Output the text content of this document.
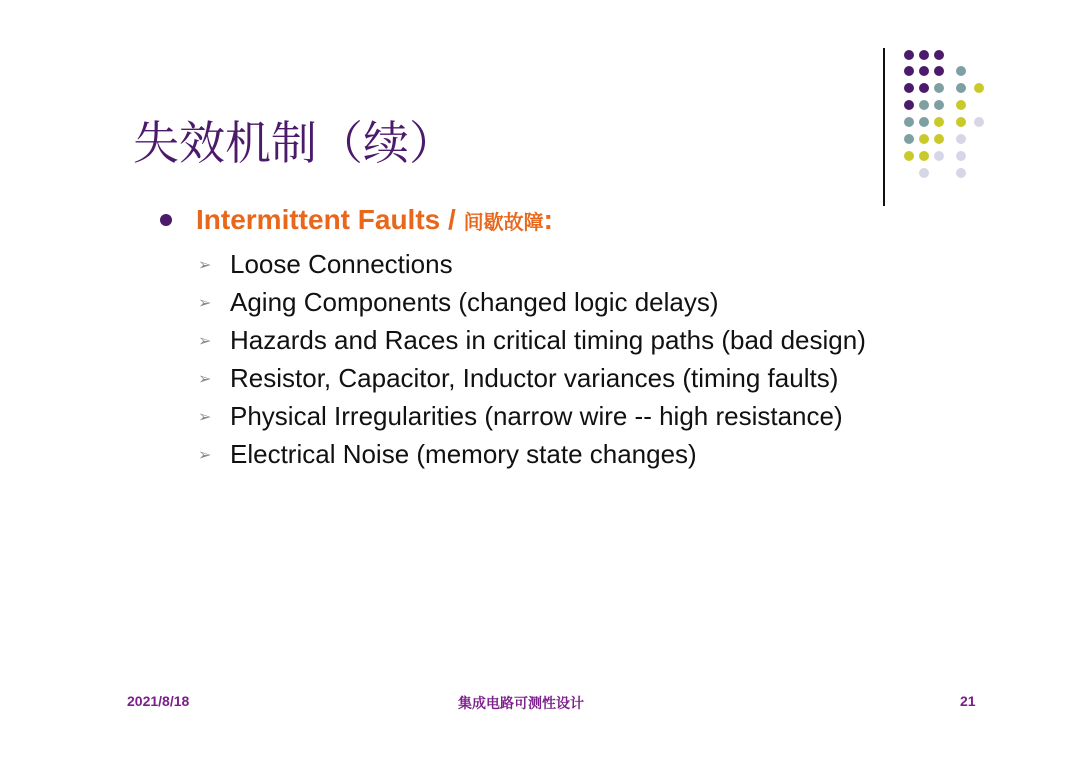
失效机制（续）
Intermittent Faults / 间歇故障:
➢ Loose Connections
➢ Aging Components (changed logic delays)
➢ Hazards and Races in critical timing paths (bad design)
➢ Resistor, Capacitor, Inductor variances (timing faults)
➢ Physical Irregularities (narrow wire -- high resistance)
➢ Electrical Noise (memory state changes)
2021/8/18	集成电路可测性设计	21
